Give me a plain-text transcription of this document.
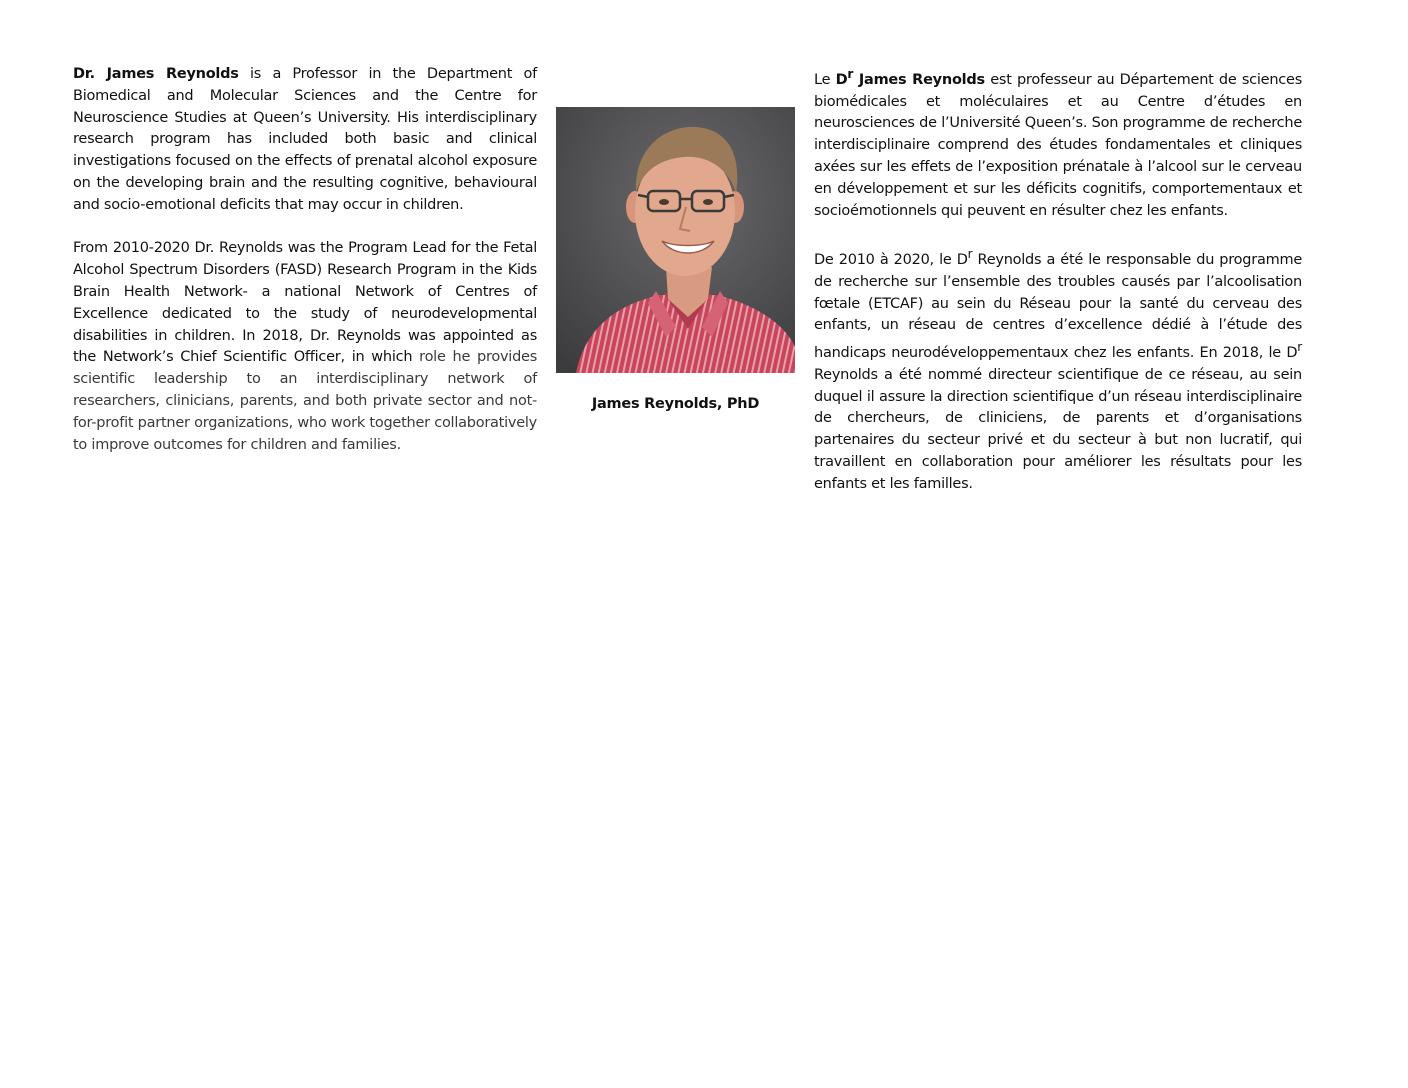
Dr. James Reynolds is a Professor in the Department of Biomedical and Molecular Sciences and the Centre for Neuroscience Studies at Queen’s University. His interdisciplinary research program has included both basic and clinical investigations focused on the effects of prenatal alcohol exposure on the developing brain and the resulting cognitive, behavioural and socio-emotional deficits that may occur in children.

From 2010-2020 Dr. Reynolds was the Program Lead for the Fetal Alcohol Spectrum Disorders (FASD) Research Program in the Kids Brain Health Network- a national Network of Centres of Excellence dedicated to the study of neurodevelopmental disabilities in children. In 2018, Dr. Reynolds was appointed as the Network’s Chief Scientific Officer, in which role he provides scientific leadership to an interdisciplinary network of researchers, clinicians, parents, and both private sector and not-for-profit partner organizations, who work together collaboratively to improve outcomes for children and families.

James Reynolds, PhD

Le $D^r$ James Reynolds est professeur au Département de sciences biomédicales et moléculaires et au Centre d’études en neurosciences de l’Université Queen’s. Son programme de recherche interdisciplinaire comprend des études fondamentales et cliniques axées sur les effets de l’exposition prénatale à l’alcool sur le cerveau en développement et sur les déficits cognitifs, comportementaux et socioémotionnels qui peuvent en résulter chez les enfants.

De 2010 à 2020, le $D^r$ Reynolds a été le responsable du programme de recherche sur l’ensemble des troubles causés par l’alcoolisation fœtale (ETCAF) au sein du Réseau pour la santé du cerveau des enfants, un réseau de centres d’excellence dédié à l’étude des handicaps neurodéveloppementaux chez les enfants. En 2018, le $D^r$ Reynolds a été nommé directeur scientifique de ce réseau, au sein duquel il assure la direction scientifique d’un réseau interdisciplinaire de chercheurs, de cliniciens, de parents et d’organisations partenaires du secteur privé et du secteur à but non lucratif, qui travaillent en collaboration pour améliorer les résultats pour les enfants et les familles.
